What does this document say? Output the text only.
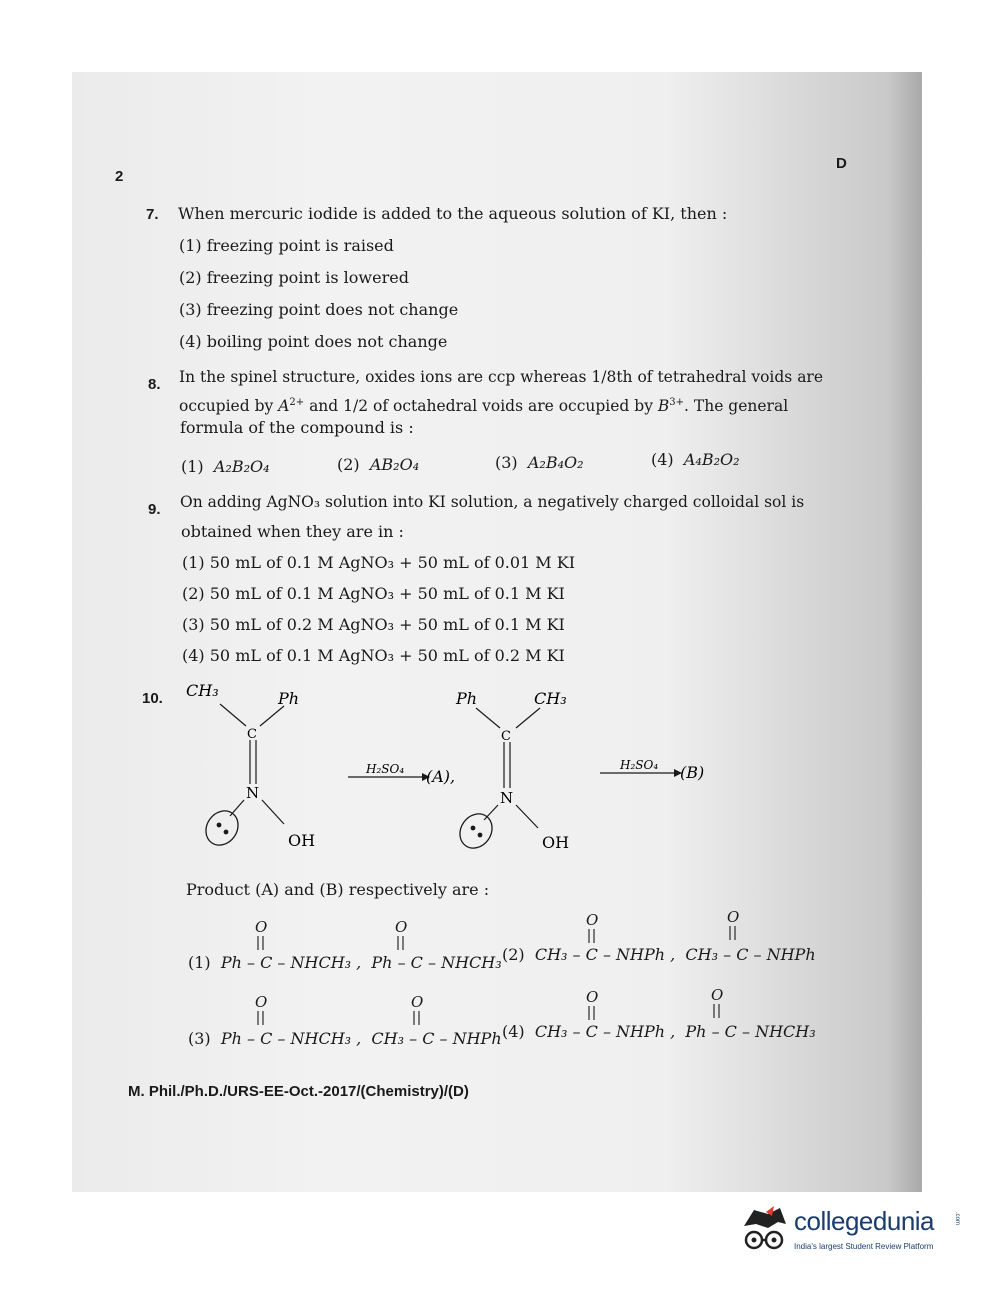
2
D
7. When mercuric iodide is added to the aqueous solution of KI, then :
(1) freezing point is raised
(2) freezing point is lowered
(3) freezing point does not change
(4) boiling point does not change
8. In the spinel structure, oxides ions are ccp whereas 1/8th of tetrahedral voids are
occupied by $A^{2+}$ and 1/2 of octahedral voids are occupied by $B^{3+}$. The general
formula of the compound is :
(1) A₂B₂O₄	(2) AB₂O₄	(3) A₂B₄O₂	(4) A₄B₂O₂
9. On adding AgNO₃ solution into KI solution, a negatively charged colloidal sol is
obtained when they are in :
(1) 50 mL of 0.1 M AgNO₃ + 50 mL of 0.01 M KI
(2) 50 mL of 0.1 M AgNO₃ + 50 mL of 0.1 M KI
(3) 50 mL of 0.2 M AgNO₃ + 50 mL of 0.1 M KI
(4) 50 mL of 0.1 M AgNO₃ + 50 mL of 0.2 M KI
10. CH₃	Ph
C
N
OH
H₂SO₄ (A),
Ph	CH₃
C
N
OH
H₂SO₄ (B)
Product (A) and (B) respectively are :
(1) Ph – C – NHCH₃ , Ph – C – NHCH₃ (2) CH₃ – C – NHPh , CH₃ – C – NHPh
(3) Ph – C – NHCH₃ , CH₃ – C – NHPh (4) CH₃ – C – NHPh , Ph – C – NHCH₃
O	O	O	O
O	O	O	O
M. Phil./Ph.D./URS-EE-Oct.-2017/(Chemistry)/(D)
collegedunia	.com
India's largest Student Review Platform
